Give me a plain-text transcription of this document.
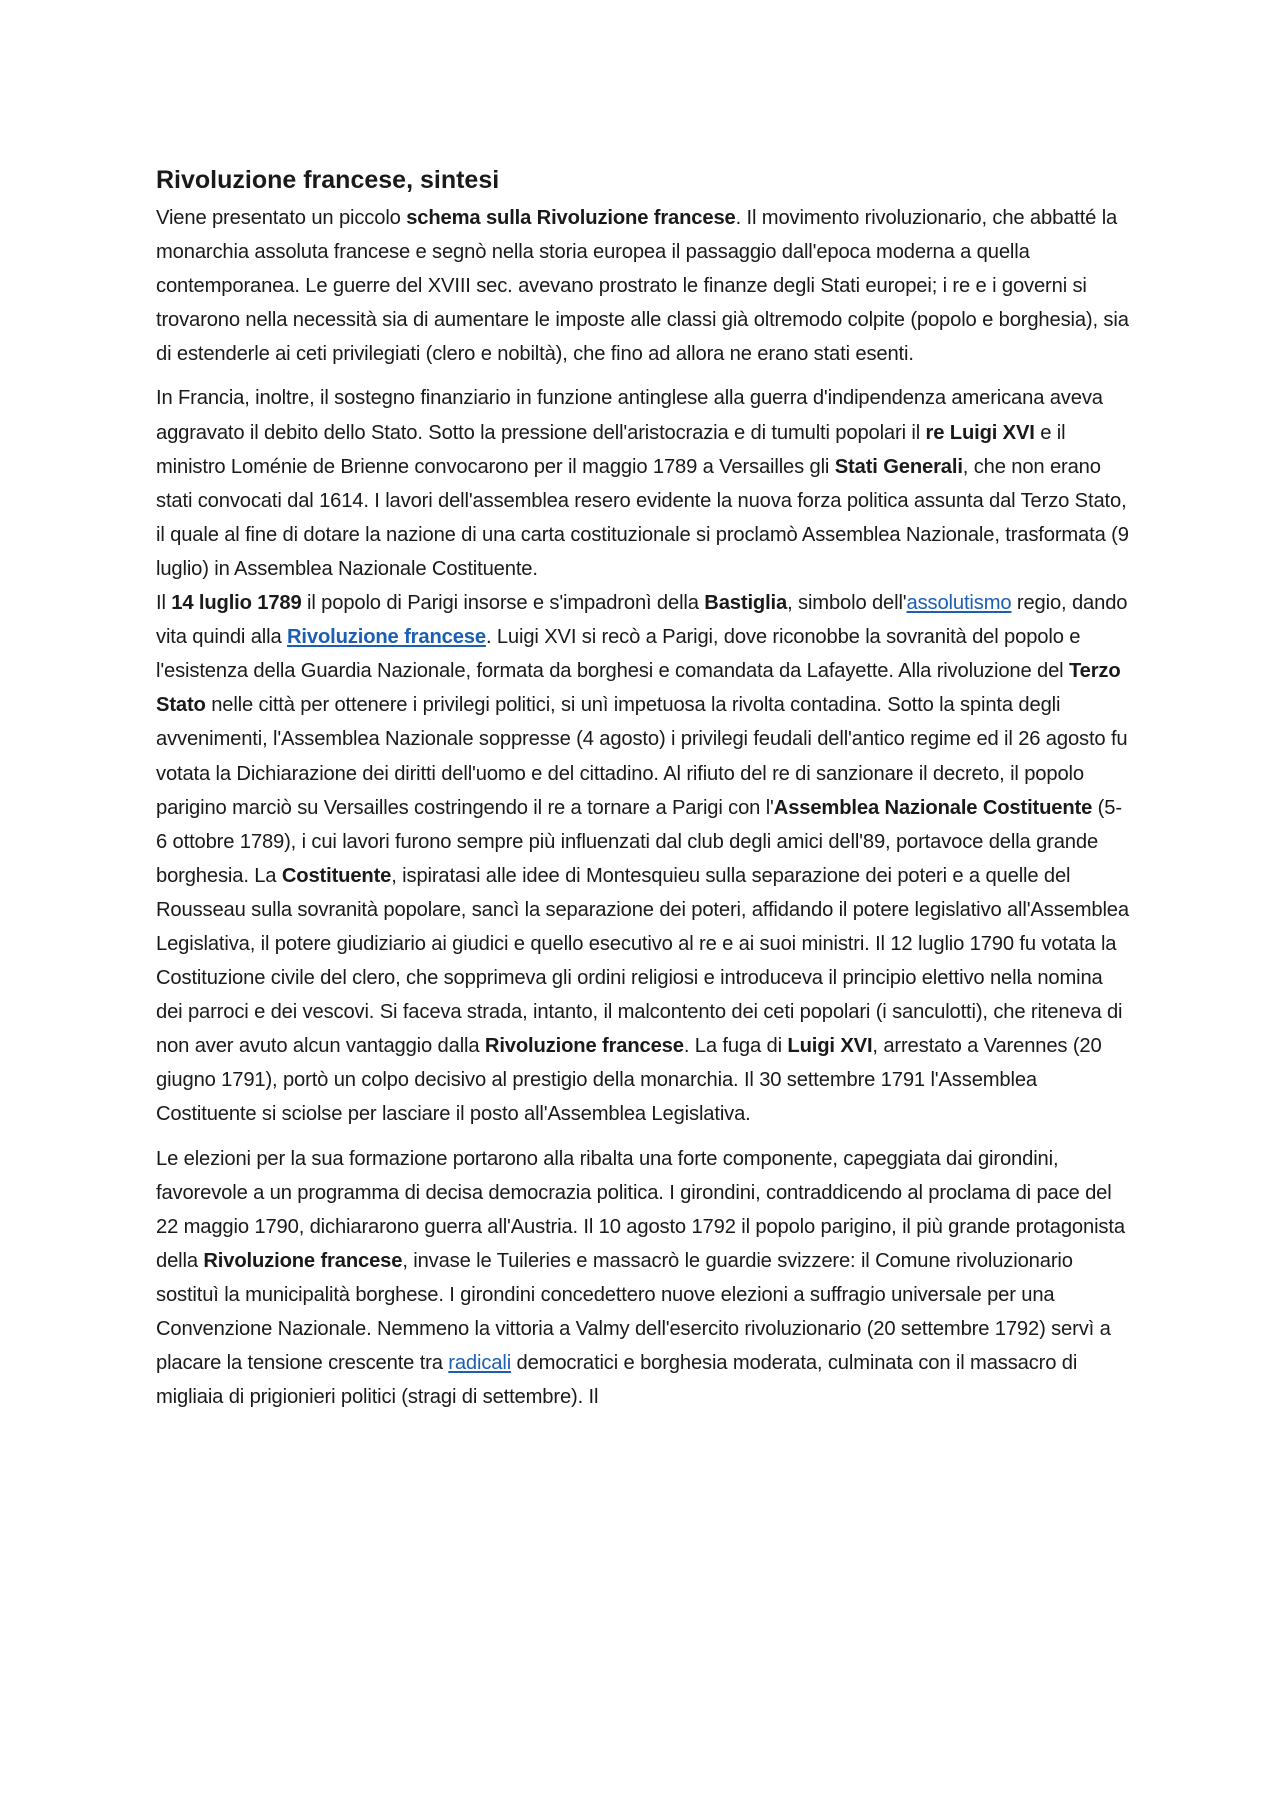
Rivoluzione francese, sintesi

Viene presentato un piccolo schema sulla Rivoluzione francese. Il movimento rivoluzionario, che abbatté la monarchia assoluta francese e segnò nella storia europea il passaggio dall'epoca moderna a quella contemporanea. Le guerre del XVIII sec. avevano prostrato le finanze degli Stati europei; i re e i governi si trovarono nella necessità sia di aumentare le imposte alle classi già oltremodo colpite (popolo e borghesia), sia di estenderle ai ceti privilegiati (clero e nobiltà), che fino ad allora ne erano stati esenti.

In Francia, inoltre, il sostegno finanziario in funzione antinglese alla guerra d'indipendenza americana aveva aggravato il debito dello Stato. Sotto la pressione dell'aristocrazia e di tumulti popolari il re Luigi XVI e il ministro Loménie de Brienne convocarono per il maggio 1789 a Versailles gli Stati Generali, che non erano stati convocati dal 1614. I lavori dell'assemblea resero evidente la nuova forza politica assunta dal Terzo Stato, il quale al fine di dotare la nazione di una carta costituzionale si proclamò Assemblea Nazionale, trasformata (9 luglio) in Assemblea Nazionale Costituente.

Il 14 luglio 1789 il popolo di Parigi insorse e s'impadronì della Bastiglia, simbolo dell'assolutismo regio, dando vita quindi alla Rivoluzione francese. Luigi XVI si recò a Parigi, dove riconobbe la sovranità del popolo e l'esistenza della Guardia Nazionale, formata da borghesi e comandata da Lafayette. Alla rivoluzione del Terzo Stato nelle città per ottenere i privilegi politici, si unì impetuosa la rivolta contadina. Sotto la spinta degli avvenimenti, l'Assemblea Nazionale soppresse (4 agosto) i privilegi feudali dell'antico regime ed il 26 agosto fu votata la Dichiarazione dei diritti dell'uomo e del cittadino. Al rifiuto del re di sanzionare il decreto, il popolo parigino marciò su Versailles costringendo il re a tornare a Parigi con l'Assemblea Nazionale Costituente (5-6 ottobre 1789), i cui lavori furono sempre più influenzati dal club degli amici dell'89, portavoce della grande borghesia. La Costituente, ispiratasi alle idee di Montesquieu sulla separazione dei poteri e a quelle del Rousseau sulla sovranità popolare, sancì la separazione dei poteri, affidando il potere legislativo all'Assemblea Legislativa, il potere giudiziario ai giudici e quello esecutivo al re e ai suoi ministri. Il 12 luglio 1790 fu votata la Costituzione civile del clero, che sopprimeva gli ordini religiosi e introduceva il principio elettivo nella nomina dei parroci e dei vescovi. Si faceva strada, intanto, il malcontento dei ceti popolari (i sanculotti), che riteneva di non aver avuto alcun vantaggio dalla Rivoluzione francese. La fuga di Luigi XVI, arrestato a Varennes (20 giugno 1791), portò un colpo decisivo al prestigio della monarchia. Il 30 settembre 1791 l'Assemblea Costituente si sciolse per lasciare il posto all'Assemblea Legislativa.

Le elezioni per la sua formazione portarono alla ribalta una forte componente, capeggiata dai girondini, favorevole a un programma di decisa democrazia politica. I girondini, contraddicendo al proclama di pace del 22 maggio 1790, dichiararono guerra all'Austria. Il 10 agosto 1792 il popolo parigino, il più grande protagonista della Rivoluzione francese, invase le Tuileries e massacrò le guardie svizzere: il Comune rivoluzionario sostituì la municipalità borghese. I girondini concedettero nuove elezioni a suffragio universale per una Convenzione Nazionale. Nemmeno la vittoria a Valmy dell'esercito rivoluzionario (20 settembre 1792) servì a placare la tensione crescente tra radicali democratici e borghesia moderata, culminata con il massacro di migliaia di prigionieri politici (stragi di settembre). Il
